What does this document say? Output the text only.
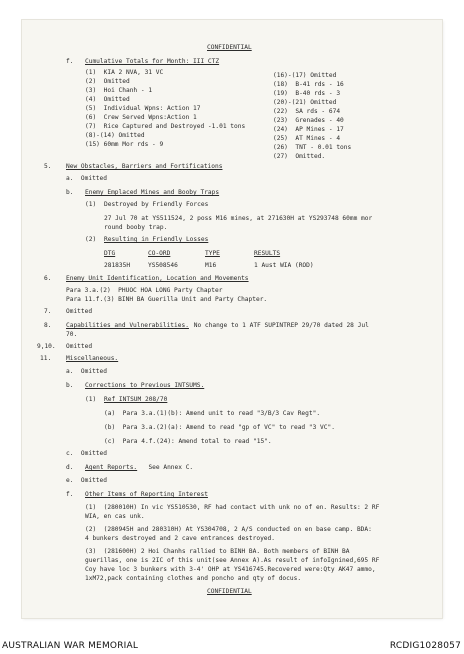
CONFIDENTIAL
f. Cumulative Totals for Month: III CTZ
(1)  KIA 2 NVA, 31 VC
(2)  Omitted
(3)  Hoi Chanh - 1
(4)  Omitted
(5)  Individual Wpns: Action 17
(6)  Crew Served Wpns:Action 1
(7)  Rice Captured and Destroyed -1.01 tons
(8)-(14) Omitted
(15) 60mm Mor rds - 9
(16)-(17) Omitted
(18)  B-41 rds - 16
(19)  B-40 rds - 3
(20)-(21) Omitted
(22)  SA rds - 674
(23)  Grenades - 40
(24)  AP Mines - 17
(25)  AT Mines - 4
(26)  TNT - 0.01 tons
(27)  Omitted.
5. New Obstacles, Barriers and Fortifications
a.  Omitted
b. Enemy Emplaced Mines and Booby Traps
(1) Destroyed by Friendly Forces
27 Jul 70 at YS511524, 2 poss M16 mines, at 271630H at YS293748 60mm mor
round booby trap.
(2) Resulting in Friendly Losses
DTG	CO-ORD	TYPE	RESULTS
281835H	YS508546	M16	1 Aust WIA (ROD)
6. Enemy Unit Identification, Location and Movements
Para 3.a.(2)  PHUOC HOA LONG Party Chapter
Para 11.f.(3) BINH BA Guerilla Unit and Party Chapter.
7. Omitted
8. Capabilities and Vulnerabilities. No change to 1 ATF SUPINTREP 29/70 dated 28 Jul
70.
9,10. Omitted
11. Miscellaneous.
a.  Omitted
b. Corrections to Previous INTSUMS.
(1) Ref INTSUM 208/70
(a)  Para 3.a.(1)(b): Amend unit to read "3/B/3 Cav Regt".
(b)  Para 3.a.(2)(a): Amend to read "gp of VC" to read "3 VC".
(c)  Para 4.f.(24): Amend total to read "15".
c.  Omitted
d. Agent Reports. See Annex C.
e.  Omitted
f. Other Items of Reporting Interest
(1)  (280010H) In vic YS510530, RF had contact with unk no of en. Results: 2 RF
WIA, en cas unk.
(2)  (280945H and 280310H) At YS304708, 2 A/S conducted on en base camp. BDA:
4 bunkers destroyed and 2 cave entrances destroyed.
(3)  (281600H) 2 Hoi Chanhs rallied to BINH BA. Both members of BINH BA
guerillas, one is 2IC of this unit(see Annex A).As result of infoIgnined,695 RF
Coy have loc 3 bunkers with 3-4' OHP at YS416745.Recovered were:Qty AK47 ammo,
1xM72,pack containing clothes and poncho and qty of docus.
CONFIDENTIAL
AUSTRALIAN WAR MEMORIAL	RCDIG1028057
